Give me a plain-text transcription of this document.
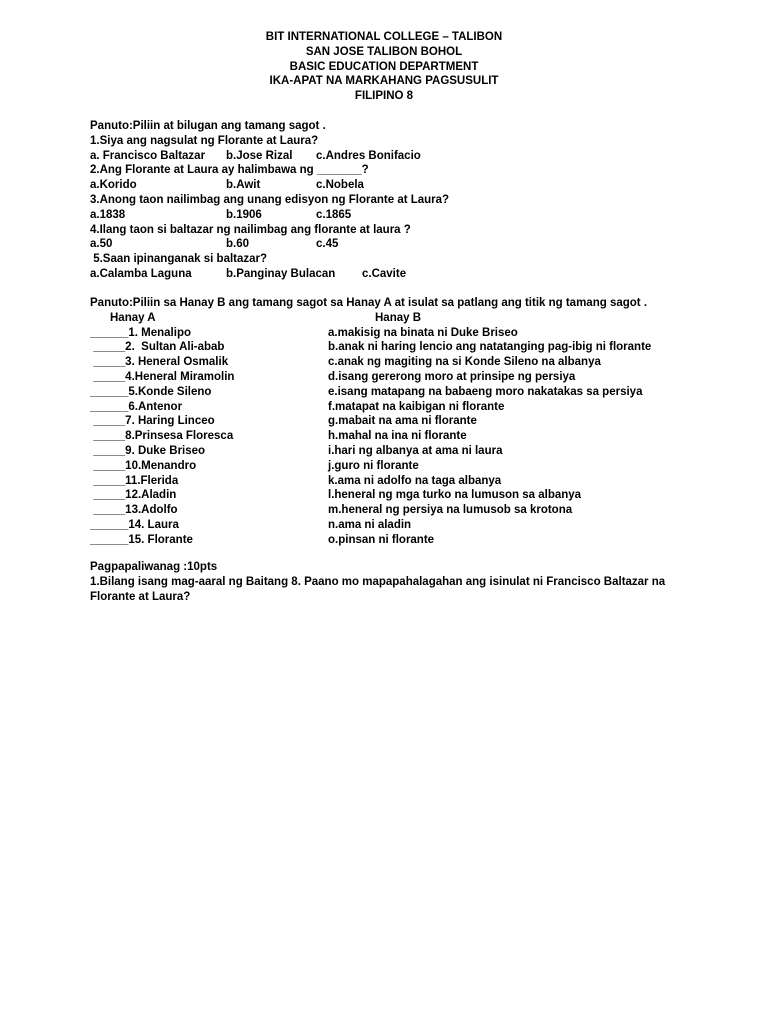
BIT INTERNATIONAL COLLEGE – TALIBON
SAN JOSE TALIBON BOHOL
BASIC EDUCATION DEPARTMENT
IKA-APAT NA MARKAHANG PAGSUSULIT
FILIPINO 8
Panuto:Piliin at bilugan ang tamang sagot .
1.Siya ang nagsulat ng Florante at Laura?
a. Francisco Baltazar	b.Jose Rizal	c.Andres Bonifacio
2.Ang Florante at Laura ay halimbawa ng _______?
a.Korido	b.Awit	c.Nobela
3.Anong taon nailimbag ang unang edisyon ng Florante at Laura?
a.1838	b.1906	c.1865
4.Ilang taon si baltazar ng nailimbag ang florante at laura ?
a.50	b.60	c.45
5.Saan ipinanganak si baltazar?
a.Calamba Laguna	b.Panginay Bulacan	c.Cavite
Panuto:Piliin sa Hanay B ang tamang sagot sa Hanay A at isulat sa patlang ang titik ng tamang sagot .
Hanay A	Hanay B
______1. Menalipo	a.makisig na binata ni Duke Briseo
_____2.  Sultan Ali-abab	b.anak ni haring lencio ang natatanging pag-ibig ni florante
_____3. Heneral Osmalik	c.anak ng magiting na si Konde Sileno na albanya
_____4.Heneral Miramolin	d.isang gererong moro at prinsipe ng persiya
______5.Konde Sileno	e.isang matapang na babaeng moro nakatakas sa persiya
______6.Antenor	f.matapat na kaibigan ni florante
_____7. Haring Linceo	g.mabait na ama ni florante
_____8.Prinsesa Floresca	h.mahal na ina ni florante
_____9. Duke Briseo	i.hari ng albanya at ama ni laura
_____10.Menandro	j.guro ni florante
_____11.Flerida	k.ama ni adolfo na taga albanya
_____12.Aladin	l.heneral ng mga turko na lumuson sa albanya
_____13.Adolfo	m.heneral ng persiya na lumusob sa krotona
______14. Laura	n.ama ni aladin
______15. Florante	o.pinsan ni florante
Pagpapaliwanag :10pts
1.Bilang isang mag-aaral ng Baitang 8. Paano mo mapapahalagahan ang isinulat ni Francisco Baltazar na Florante at Laura?
